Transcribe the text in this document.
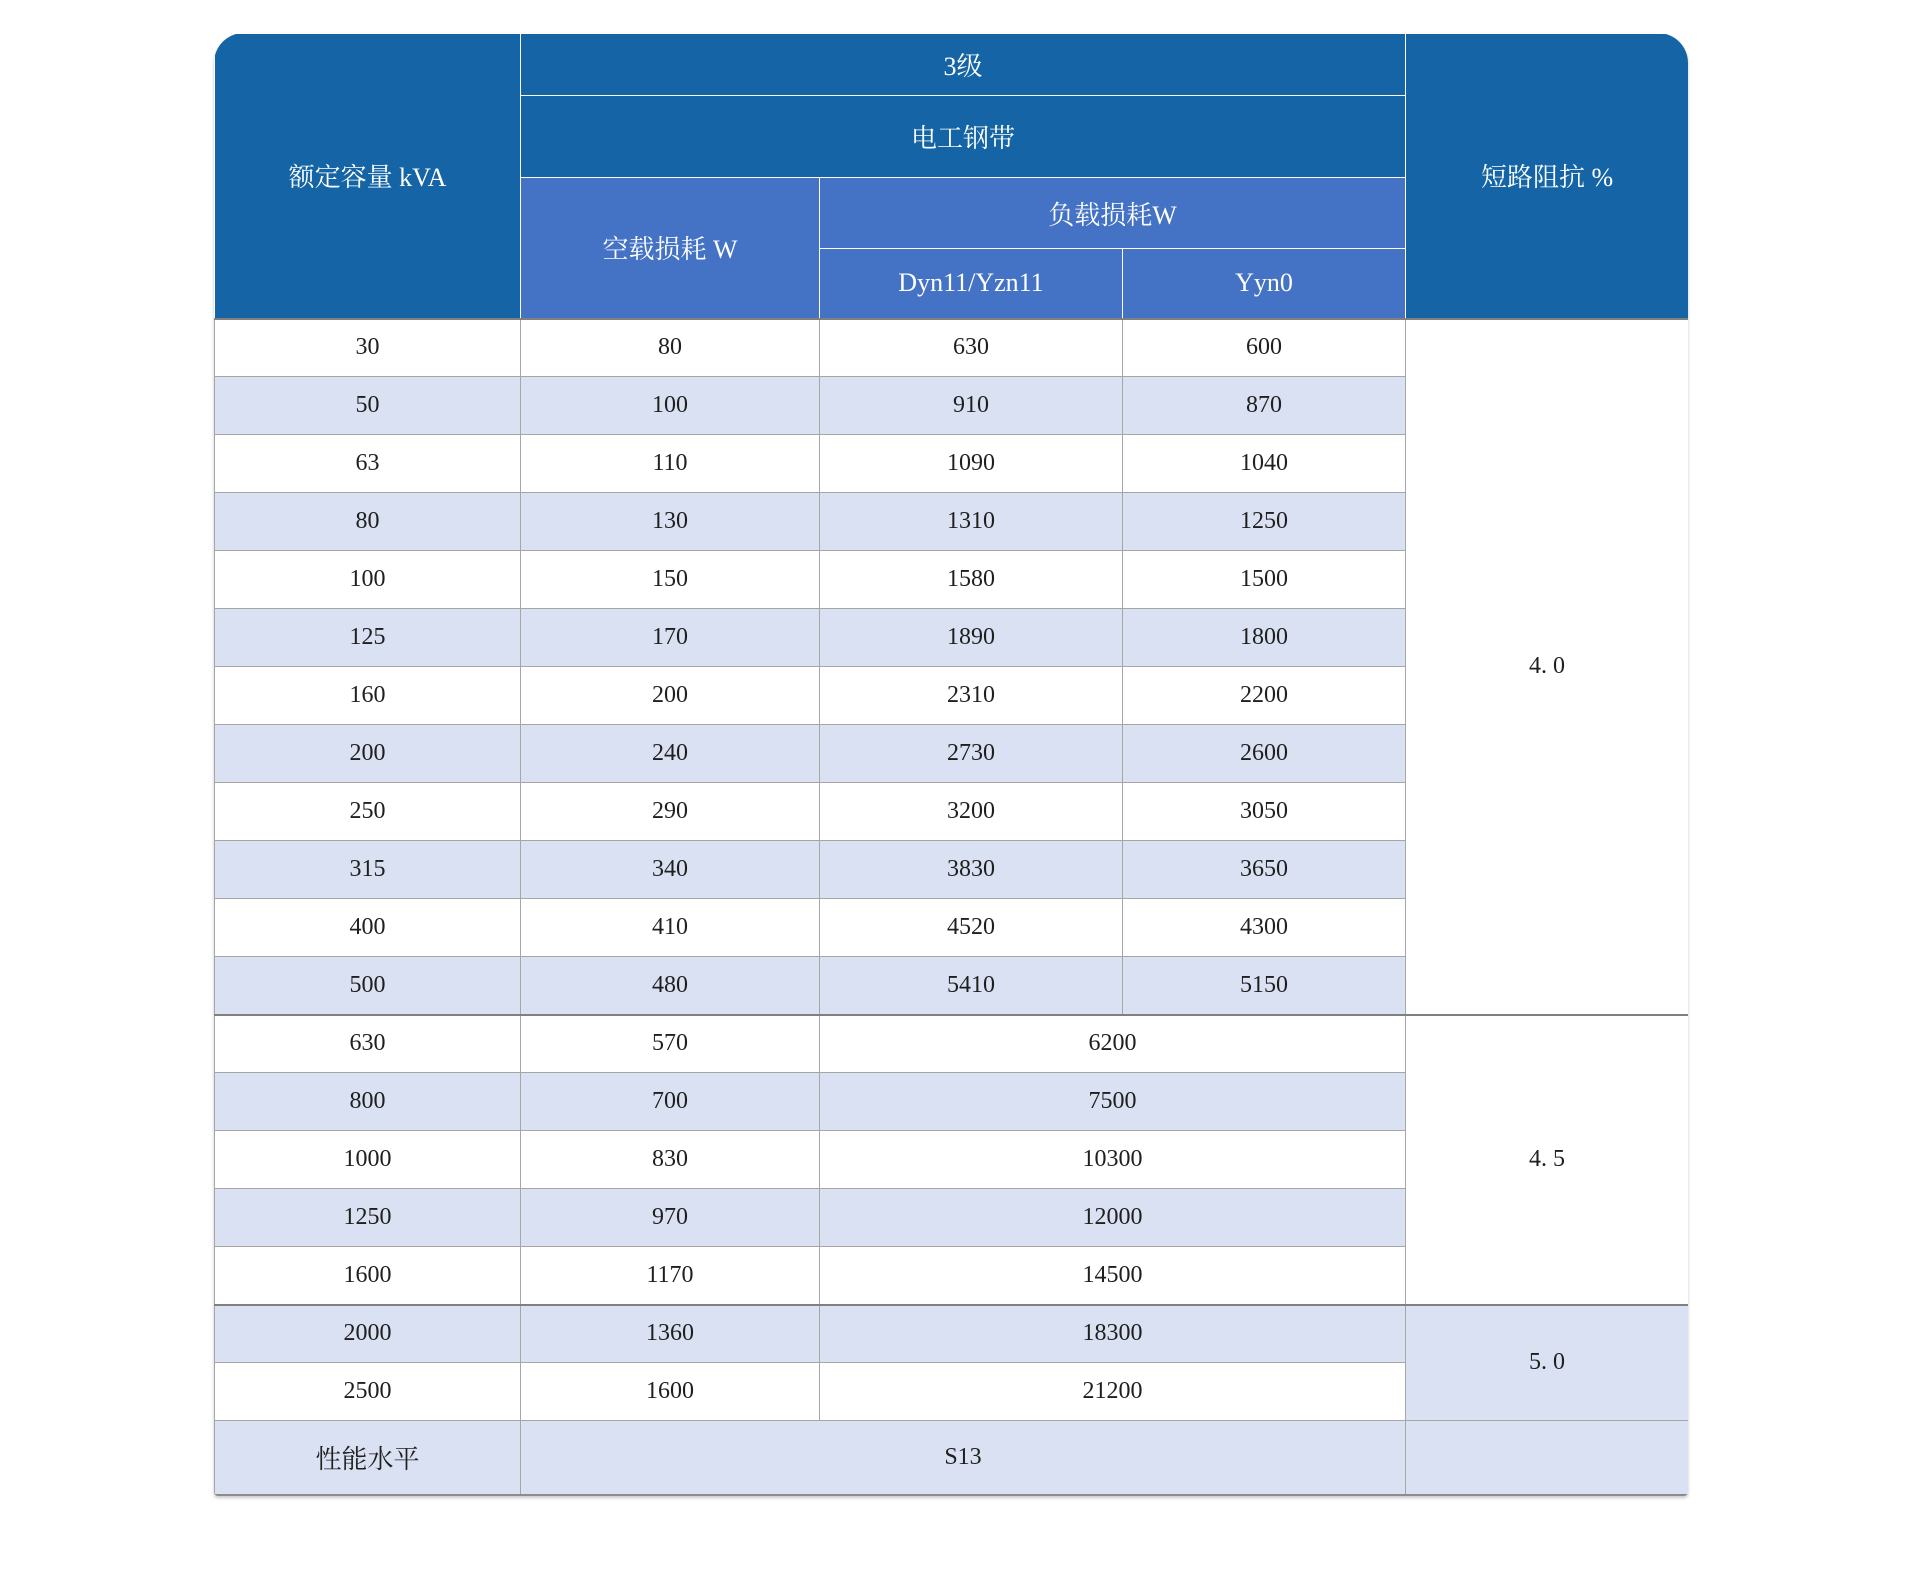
额定容量 kVA	3级			短路阻抗 %
	电工钢带			
	空载损耗 W	负载损耗W		
		Dyn11/Yzn11	Yyn0	
30	80	630	600	4. 0
50	100	910	870	
63	110	1090	1040	
80	130	1310	1250	
100	150	1580	1500	
125	170	1890	1800	
160	200	2310	2200	
200	240	2730	2600	
250	290	3200	3050	
315	340	3830	3650	
400	410	4520	4300	
500	480	5410	5150	
630	570	6200		4. 5
800	700	7500		
1000	830	10300		
1250	970	12000		
1600	1170	14500		
2000	1360	18300		5. 0
2500	1600	21200		
性能水平	S13			
